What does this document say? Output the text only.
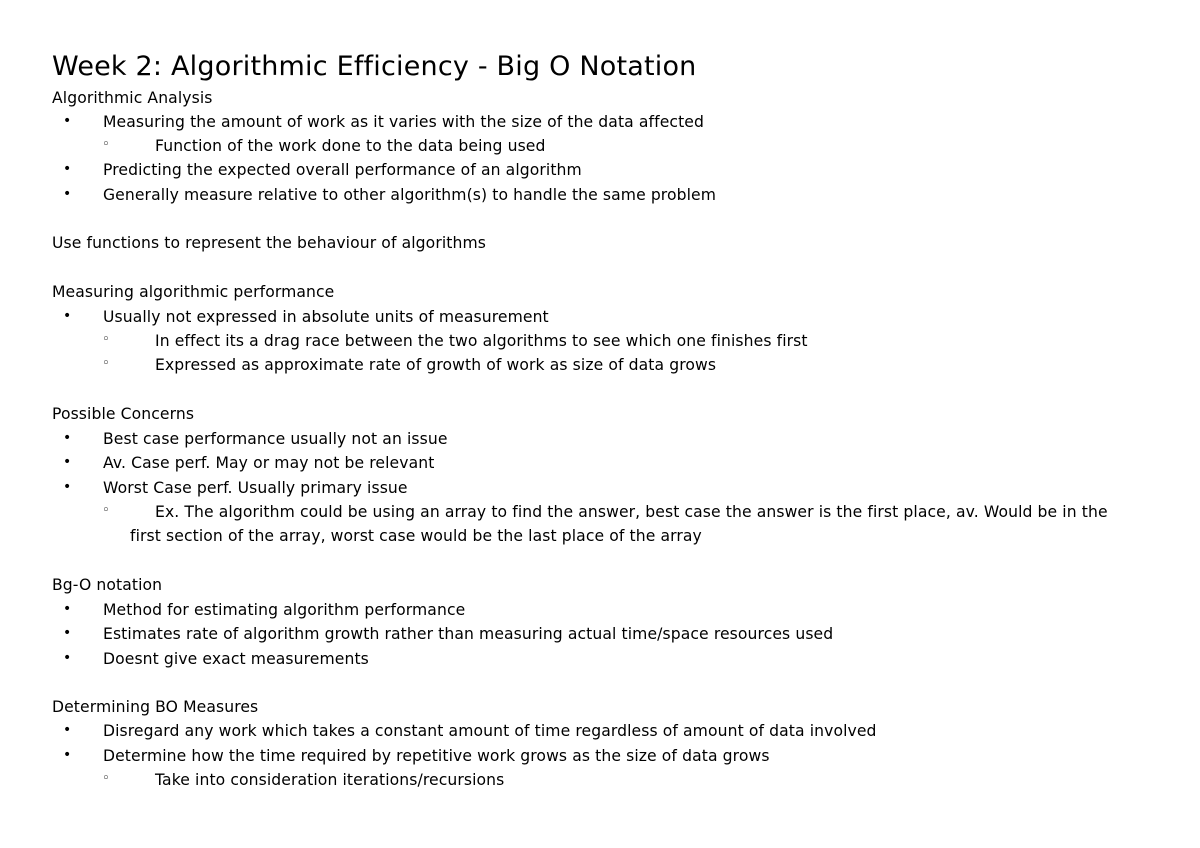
Week 2: Algorithmic Efficiency - Big O Notation
Algorithmic Analysis
• Measuring the amount of work as it varies with the size of the data affected
◦	Function of the work done to the data being used
• Predicting the expected overall performance of an algorithm
• Generally measure relative to other algorithm(s) to handle the same problem
Use functions to represent the behaviour of algorithms
Measuring algorithmic performance
• Usually not expressed in absolute units of measurement
◦	In effect its a drag race between the two algorithms to see which one finishes first
◦	Expressed as approximate rate of growth of work as size of data grows
Possible Concerns
• Best case performance usually not an issue
• Av. Case perf. May or may not be relevant
• Worst Case perf. Usually primary issue
◦	Ex. The algorithm could be using an array to find the answer, best case the answer is the first place, av. Would be in the
first section of the array, worst case would be the last place of the array
Bg-O notation
• Method for estimating algorithm performance
• Estimates rate of algorithm growth rather than measuring actual time/space resources used
• Doesnt give exact measurements
Determining BO Measures
• Disregard any work which takes a constant amount of time regardless of amount of data involved
• Determine how the time required by repetitive work grows as the size of data grows
◦	Take into consideration iterations/recursions
